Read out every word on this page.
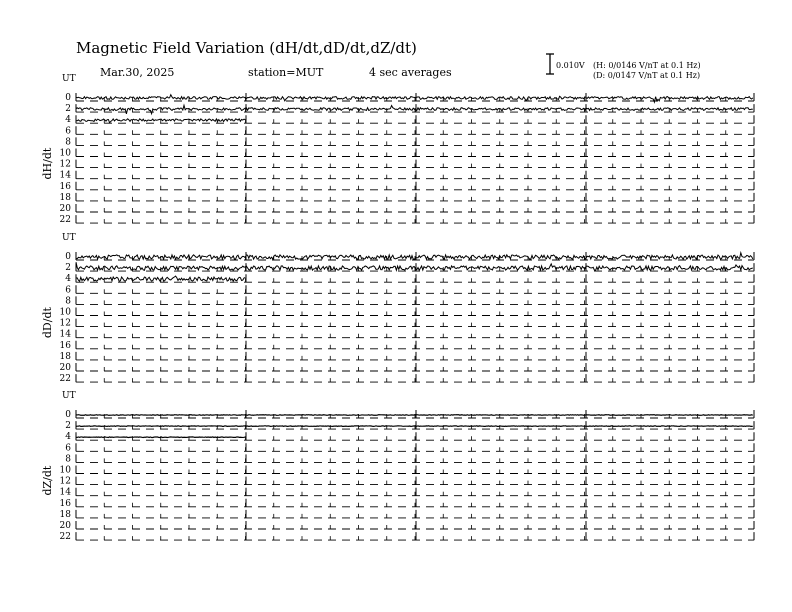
Magnetic Field Variation (dH/dt,dD/dt,dZ/dt)
Mar.30, 2025	station=MUT	4 sec averages
0.010V (H: 0/0146 V/nT at 0.1 Hz)
(D: 0/0147 V/nT at 0.1 Hz)
UT
dH/dt
0
2
4
6
8
10
12
14
16
18
20
22
UT
dD/dt
0
2
4
6
8
10
12
14
16
18
20
22
UT
dZ/dt
0
2
4
6
8
10
12
14
16
18
20
22
